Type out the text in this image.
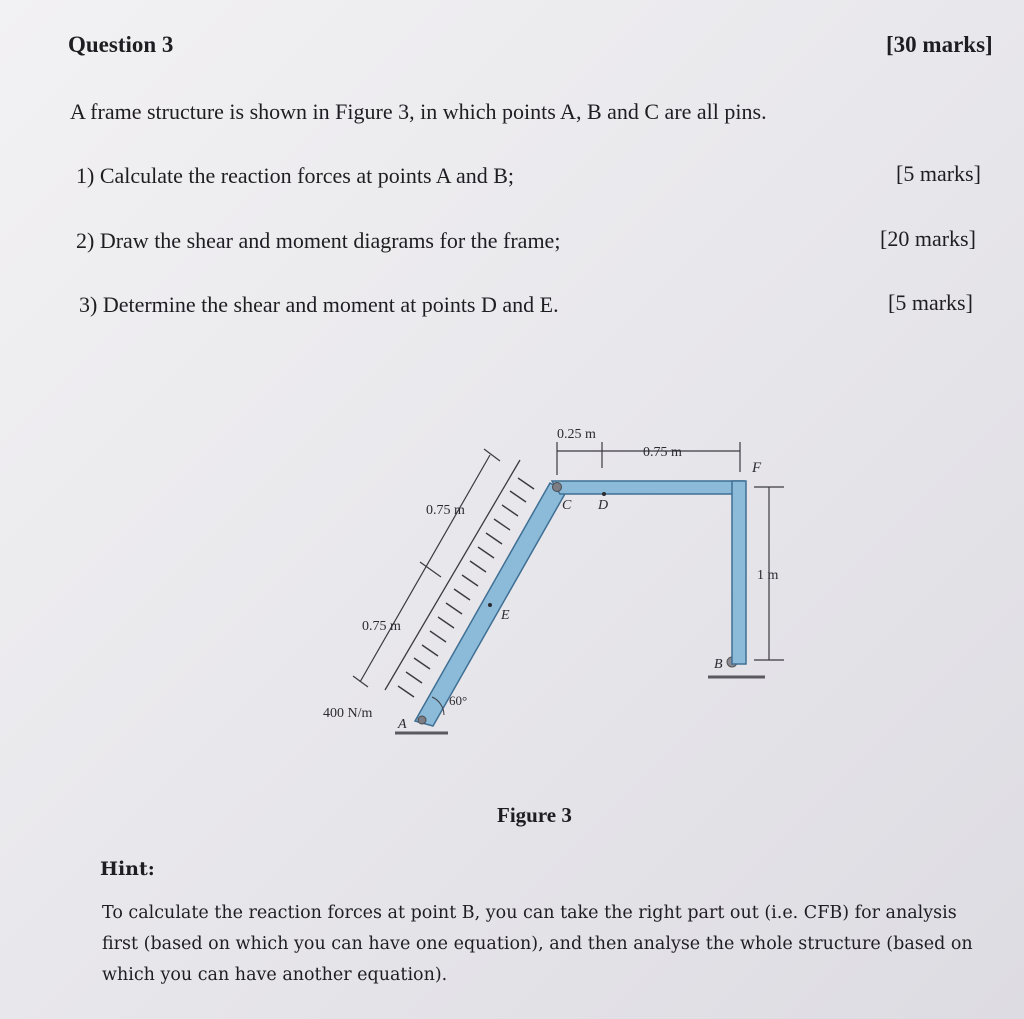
Question 3	[30 marks]
A frame structure is shown in Figure 3, in which points A, B and C are all pins.
1) Calculate the reaction forces at points A and B;	[5 marks]
2) Draw the shear and moment diagrams for the frame;	[20 marks]
3) Determine the shear and moment at points D and E.	[5 marks]
0.25 m
0.75 m
0.75 m
0.75 m
1 m
400 N/m
60°
A
B
C D
E
F
Figure 3
Hint:
To calculate the reaction forces at point B, you can take the right part out (i.e. CFB) for analysis first (based on which you can have one equation), and then analyse the whole structure (based on which you can have another equation).
